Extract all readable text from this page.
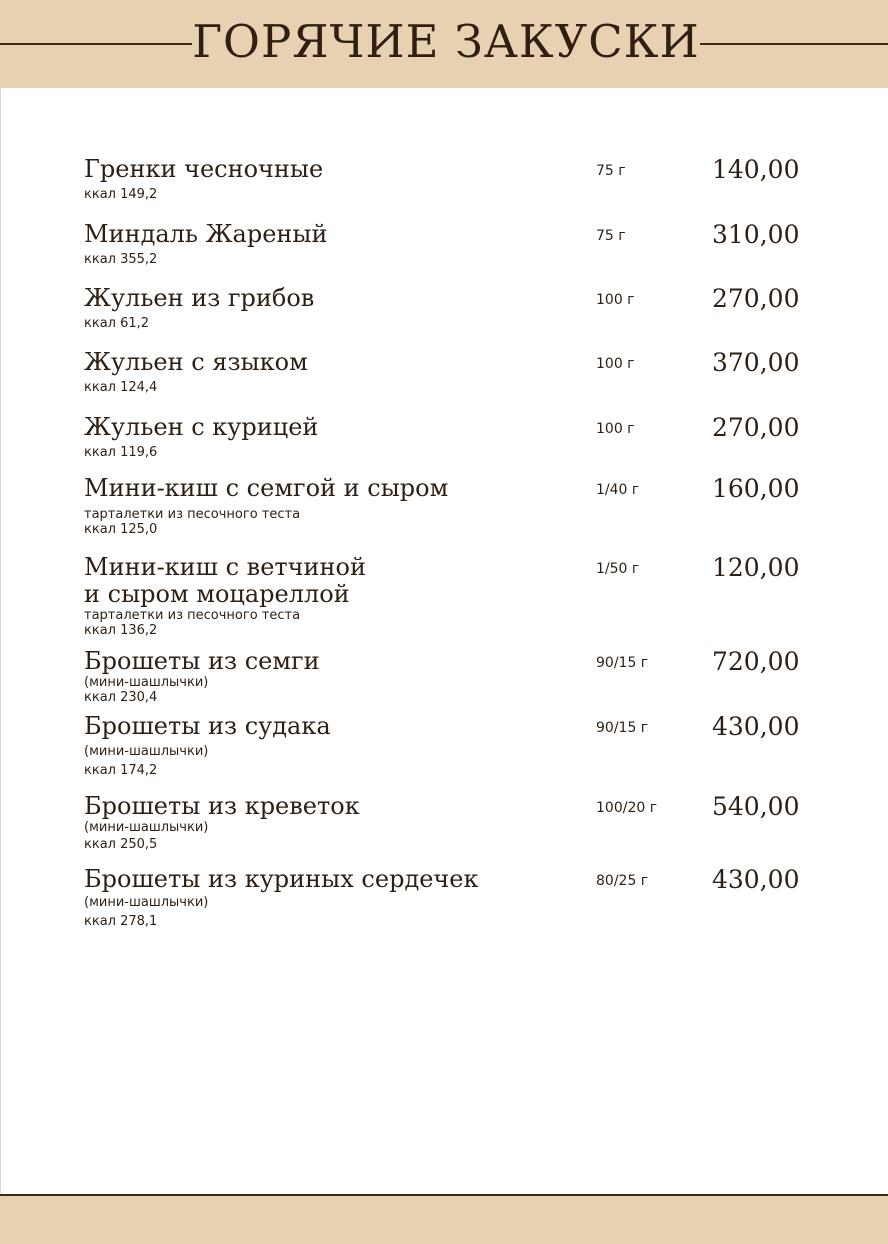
ГОРЯЧИЕ ЗАКУСКИ
Гренки чесночные
ккал 149,2
75 г	140,00
Миндаль Жареный
ккал 355,2
75 г	310,00
Жульен из грибов
ккал 61,2
100 г	270,00
Жульен с языком
ккал 124,4
100 г	370,00
Жульен с курицей
ккал 119,6
100 г	270,00
Мини-киш с семгой и сыром
тарталетки из песочного теста
ккал 125,0
1/40 г	160,00
Мини-киш с ветчиной
и сыром моцареллой
тарталетки из песочного теста
ккал 136,2
1/50 г	120,00
Брошеты из семги
(мини-шашлычки)
ккал 230,4
90/15 г	720,00
Брошеты из судака
(мини-шашлычки)
ккал 174,2
90/15 г	430,00
Брошеты из креветок
(мини-шашлычки)
ккал 250,5
100/20 г 540,00
Брошеты из куриных сердечек
(мини-шашлычки)
ккал 278,1
80/25 г	430,00
